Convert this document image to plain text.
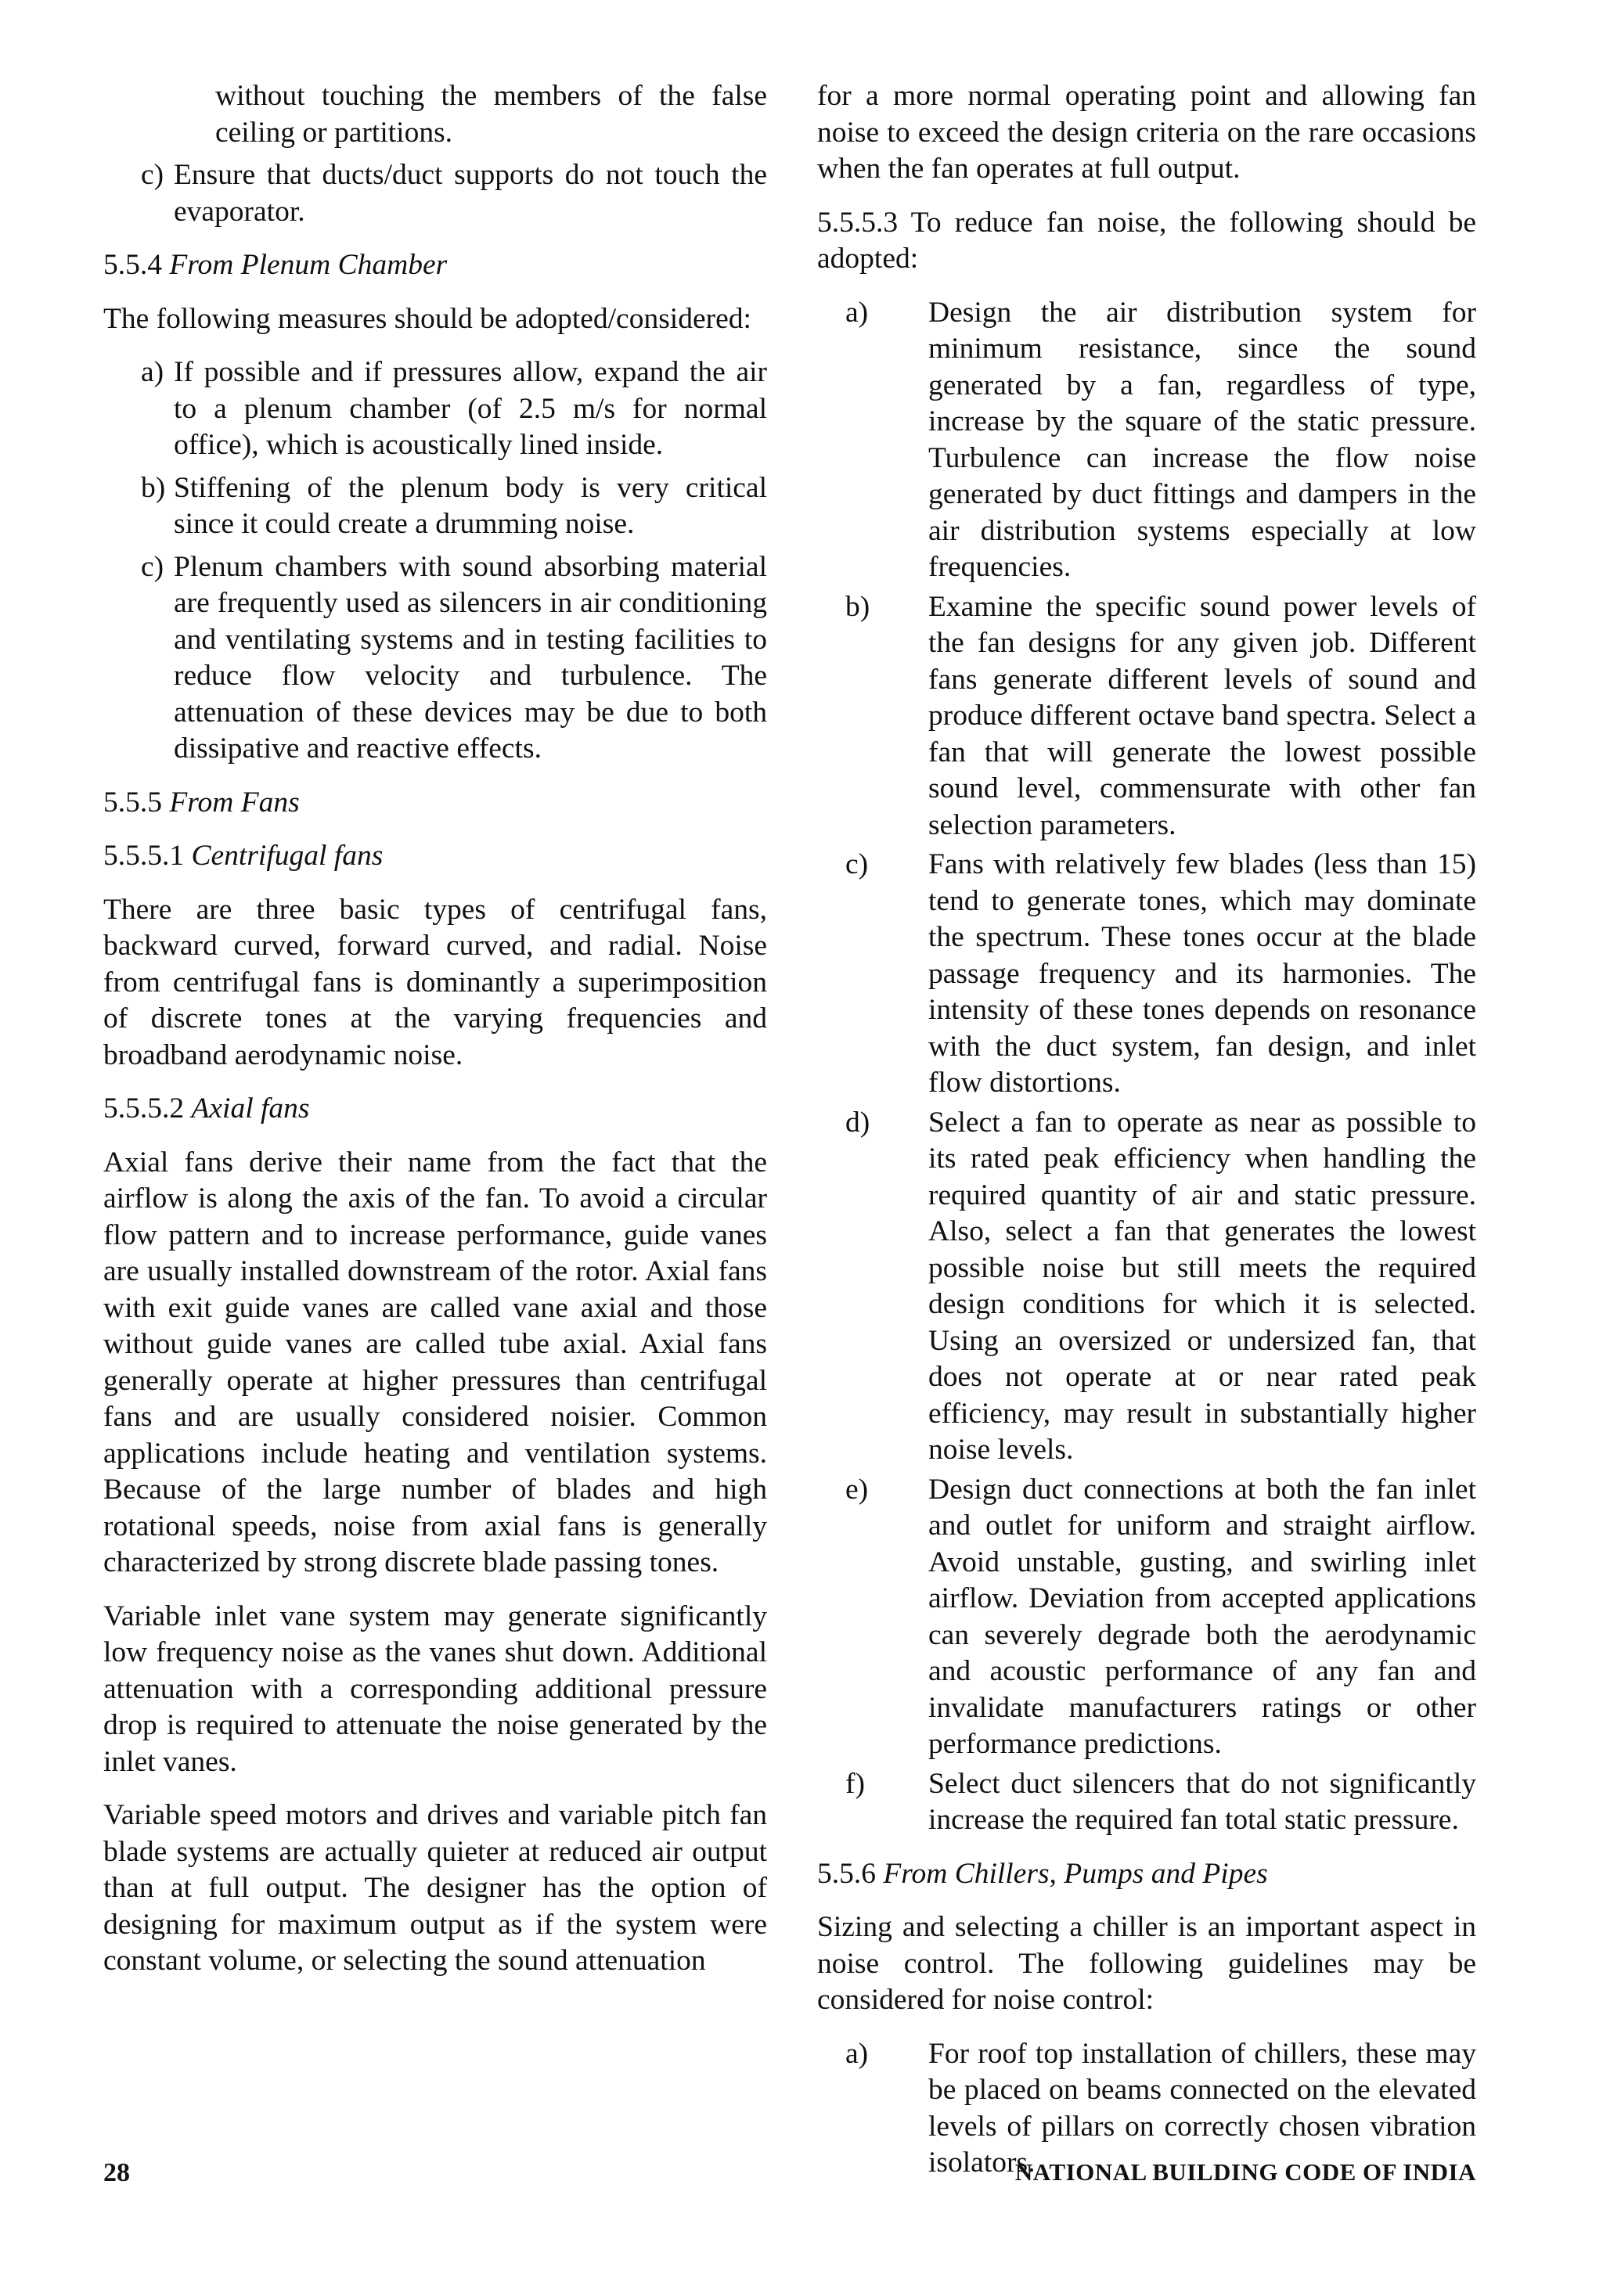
without touching the members of the false ceiling or partitions.

c) Ensure that ducts/duct supports do not touch the evaporator.

5.5.4 From Plenum Chamber

The following measures should be adopted/considered:

a) If possible and if pressures allow, expand the air to a plenum chamber (of 2.5 m/s for normal office), which is acoustically lined inside.
b) Stiffening of the plenum body is very critical since it could create a drumming noise.
c) Plenum chambers with sound absorbing material are frequently used as silencers in air conditioning and ventilating systems and in testing facilities to reduce flow velocity and turbulence. The attenuation of these devices may be due to both dissipative and reactive effects.

5.5.5 From Fans

5.5.5.1 Centrifugal fans

There are three basic types of centrifugal fans, backward curved, forward curved, and radial. Noise from centrifugal fans is dominantly a superimposition of discrete tones at the varying frequencies and broadband aerodynamic noise.

5.5.5.2 Axial fans

Axial fans derive their name from the fact that the airflow is along the axis of the fan. To avoid a circular flow pattern and to increase performance, guide vanes are usually installed downstream of the rotor. Axial fans with exit guide vanes are called vane axial and those without guide vanes are called tube axial. Axial fans generally operate at higher pressures than centrifugal fans and are usually considered noisier. Common applications include heating and ventilation systems. Because of the large number of blades and high rotational speeds, noise from axial fans is generally characterized by strong discrete blade passing tones.

Variable inlet vane system may generate significantly low frequency noise as the vanes shut down. Additional attenuation with a corresponding additional pressure drop is required to attenuate the noise generated by the inlet vanes.

Variable speed motors and drives and variable pitch fan blade systems are actually quieter at reduced air output than at full output. The designer has the option of designing for maximum output as if the system were constant volume, or selecting the sound attenuation

for a more normal operating point and allowing fan noise to exceed the design criteria on the rare occasions when the fan operates at full output.

5.5.5.3 To reduce fan noise, the following should be adopted:

a)	Design the air distribution system for minimum resistance, since the sound generated by a fan, regardless of type, increase by the square of the static pressure. Turbulence can increase the flow noise generated by duct fittings and dampers in the air distribution systems especially at low frequencies.
b)	Examine the specific sound power levels of the fan designs for any given job. Different fans generate different levels of sound and produce different octave band spectra. Select a fan that will generate the lowest possible sound level, commensurate with other fan selection parameters.
c)	Fans with relatively few blades (less than 15) tend to generate tones, which may dominate the spectrum. These tones occur at the blade passage frequency and its harmonies. The intensity of these tones depends on resonance with the duct system, fan design, and inlet flow distortions.
d)	Select a fan to operate as near as possible to its rated peak efficiency when handling the required quantity of air and static pressure. Also, select a fan that generates the lowest possible noise but still meets the required design conditions for which it is selected. Using an oversized or undersized fan, that does not operate at or near rated peak efficiency, may result in substantially higher noise levels.
e)	Design duct connections at both the fan inlet and outlet for uniform and straight airflow. Avoid unstable, gusting, and swirling inlet airflow. Deviation from accepted applications can severely degrade both the aerodynamic and acoustic performance of any fan and invalidate manufacturers ratings or other performance predictions.
f)	Select duct silencers that do not significantly increase the required fan total static pressure.

5.5.6 From Chillers, Pumps and Pipes

Sizing and selecting a chiller is an important aspect in noise control. The following guidelines may be considered for noise control:

a)	For roof top installation of chillers, these may be placed on beams connected on the elevated levels of pillars on correctly chosen vibration isolators.
28	NATIONAL BUILDING CODE OF INDIA
